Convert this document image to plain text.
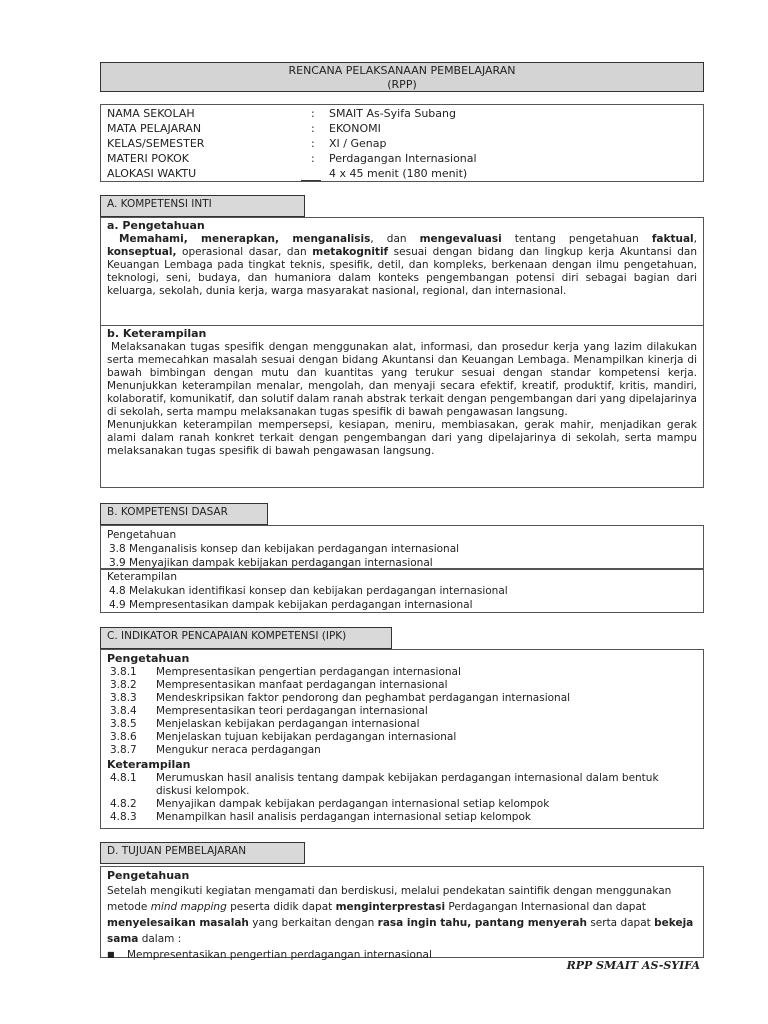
RENCANA PELAKSANAAN PEMBELAJARAN
(RPP)
NAMA SEKOLAH	:	SMAIT As-Syifa Subang
MATA PELAJARAN	:	EKONOMI
KELAS/SEMESTER	:	XI / Genap
MATERI POKOK	:	Perdagangan Internasional
ALOKASI WAKTU	4 x 45 menit (180 menit)
A. KOMPETENSI INTI
a. Pengetahuan
Memahami, menerapkan, menganalisis, dan mengevaluasi tentang pengetahuan faktual, konseptual, operasional dasar, dan metakognitif sesuai dengan bidang dan lingkup kerja Akuntansi dan Keuangan Lembaga pada tingkat teknis, spesifik, detil, dan kompleks, berkenaan dengan ilmu pengetahuan, teknologi, seni, budaya, dan humaniora dalam konteks pengembangan potensi diri sebagai bagian dari keluarga, sekolah, dunia kerja, warga masyarakat nasional, regional, dan internasional.
b. Keterampilan
Melaksanakan tugas spesifik dengan menggunakan alat, informasi, dan prosedur kerja yang lazim dilakukan serta memecahkan masalah sesuai dengan bidang Akuntansi dan Keuangan Lembaga. Menampilkan kinerja di bawah bimbingan dengan mutu dan kuantitas yang terukur sesuai dengan standar kompetensi kerja. Menunjukkan keterampilan menalar, mengolah, dan menyaji secara efektif, kreatif, produktif, kritis, mandiri, kolaboratif, komunikatif, dan solutif dalam ranah abstrak terkait dengan pengembangan dari yang dipelajarinya di sekolah, serta mampu melaksanakan tugas spesifik di bawah pengawasan langsung.
Menunjukkan keterampilan mempersepsi, kesiapan, meniru, membiasakan, gerak mahir, menjadikan gerak alami dalam ranah konkret terkait dengan pengembangan dari yang dipelajarinya di sekolah, serta mampu melaksanakan tugas spesifik di bawah pengawasan langsung.
B. KOMPETENSI DASAR
Pengetahuan
3.8 Menganalisis konsep dan kebijakan perdagangan internasional
3.9 Menyajikan dampak kebijakan perdagangan internasional
Keterampilan
4.8 Melakukan identifikasi konsep dan kebijakan perdagangan internasional
4.9 Mempresentasikan dampak kebijakan perdagangan internasional
C. INDIKATOR PENCAPAIAN KOMPETENSI (IPK)
Pengetahuan
3.8.1	Mempresentasikan pengertian perdagangan internasional
3.8.2	Mempresentasikan manfaat perdagangan internasional
3.8.3	Mendeskripsikan faktor pendorong dan peghambat perdagangan internasional
3.8.4	Mempresentasikan teori perdagangan internasional
3.8.5	Menjelaskan kebijakan perdagangan internasional
3.8.6	Menjelaskan tujuan kebijakan perdagangan internasional
3.8.7	Mengukur neraca perdagangan
Keterampilan
4.8.1	Merumuskan hasil analisis tentang dampak kebijakan perdagangan internasional dalam bentuk diskusi kelompok.
4.8.2	Menyajikan dampak kebijakan perdagangan internasional setiap kelompok
4.8.3	Menampilkan hasil analisis perdagangan internasional setiap kelompok
D. TUJUAN PEMBELAJARAN
Pengetahuan
Setelah mengikuti kegiatan mengamati dan berdiskusi, melalui pendekatan saintifik dengan menggunakan metode mind mapping peserta didik dapat menginterprestasi Perdagangan Internasional dan dapat menyelesaikan masalah yang berkaitan dengan rasa ingin tahu, pantang menyerah serta dapat bekeja sama dalam :
■	Mempresentasikan pengertian perdagangan internasional
RPP SMAIT AS-SYIFA
